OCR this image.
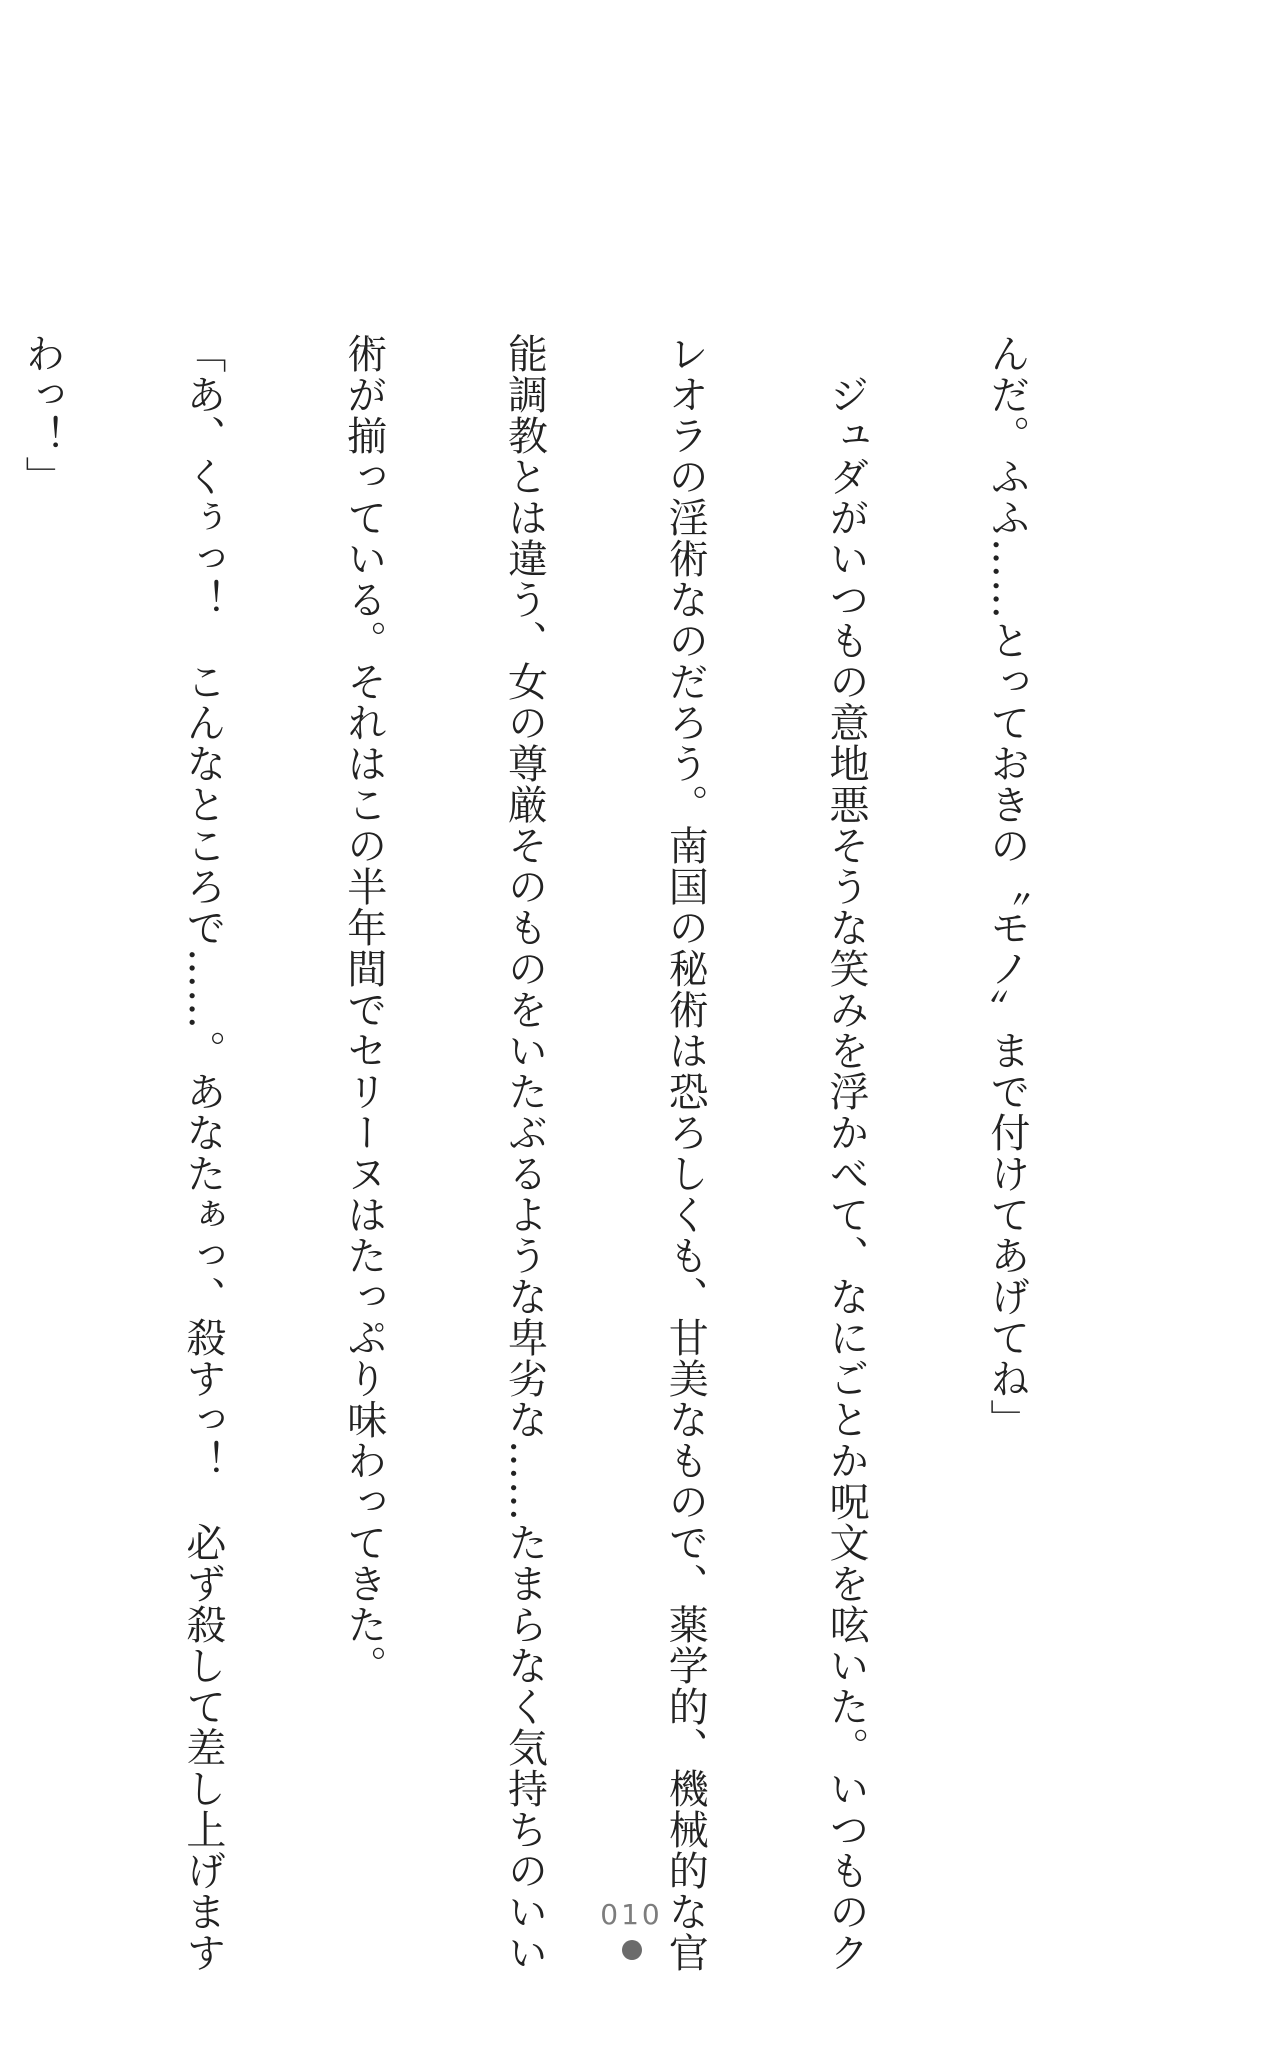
んだ。ふふ……とっておきの〝モノ〟まで付けてあげてね」

　ジュダがいつもの意地悪そうな笑みを浮かべて、なにごとか呪文を呟いた。いつものク

レオラの淫術なのだろう。南国の秘術は恐ろしくも、甘美なもので、薬学的、機械的な官

能調教とは違う、女の尊厳そのものをいたぶるような卑劣な……たまらなく気持ちのいい

術が揃っている。それはこの半年間でセリーヌはたっぷり味わってきた。

「あ、くぅっ！　こんなところで……。あなたぁっ、殺すっ！　必ず殺して差し上げます

わっ！」

010
